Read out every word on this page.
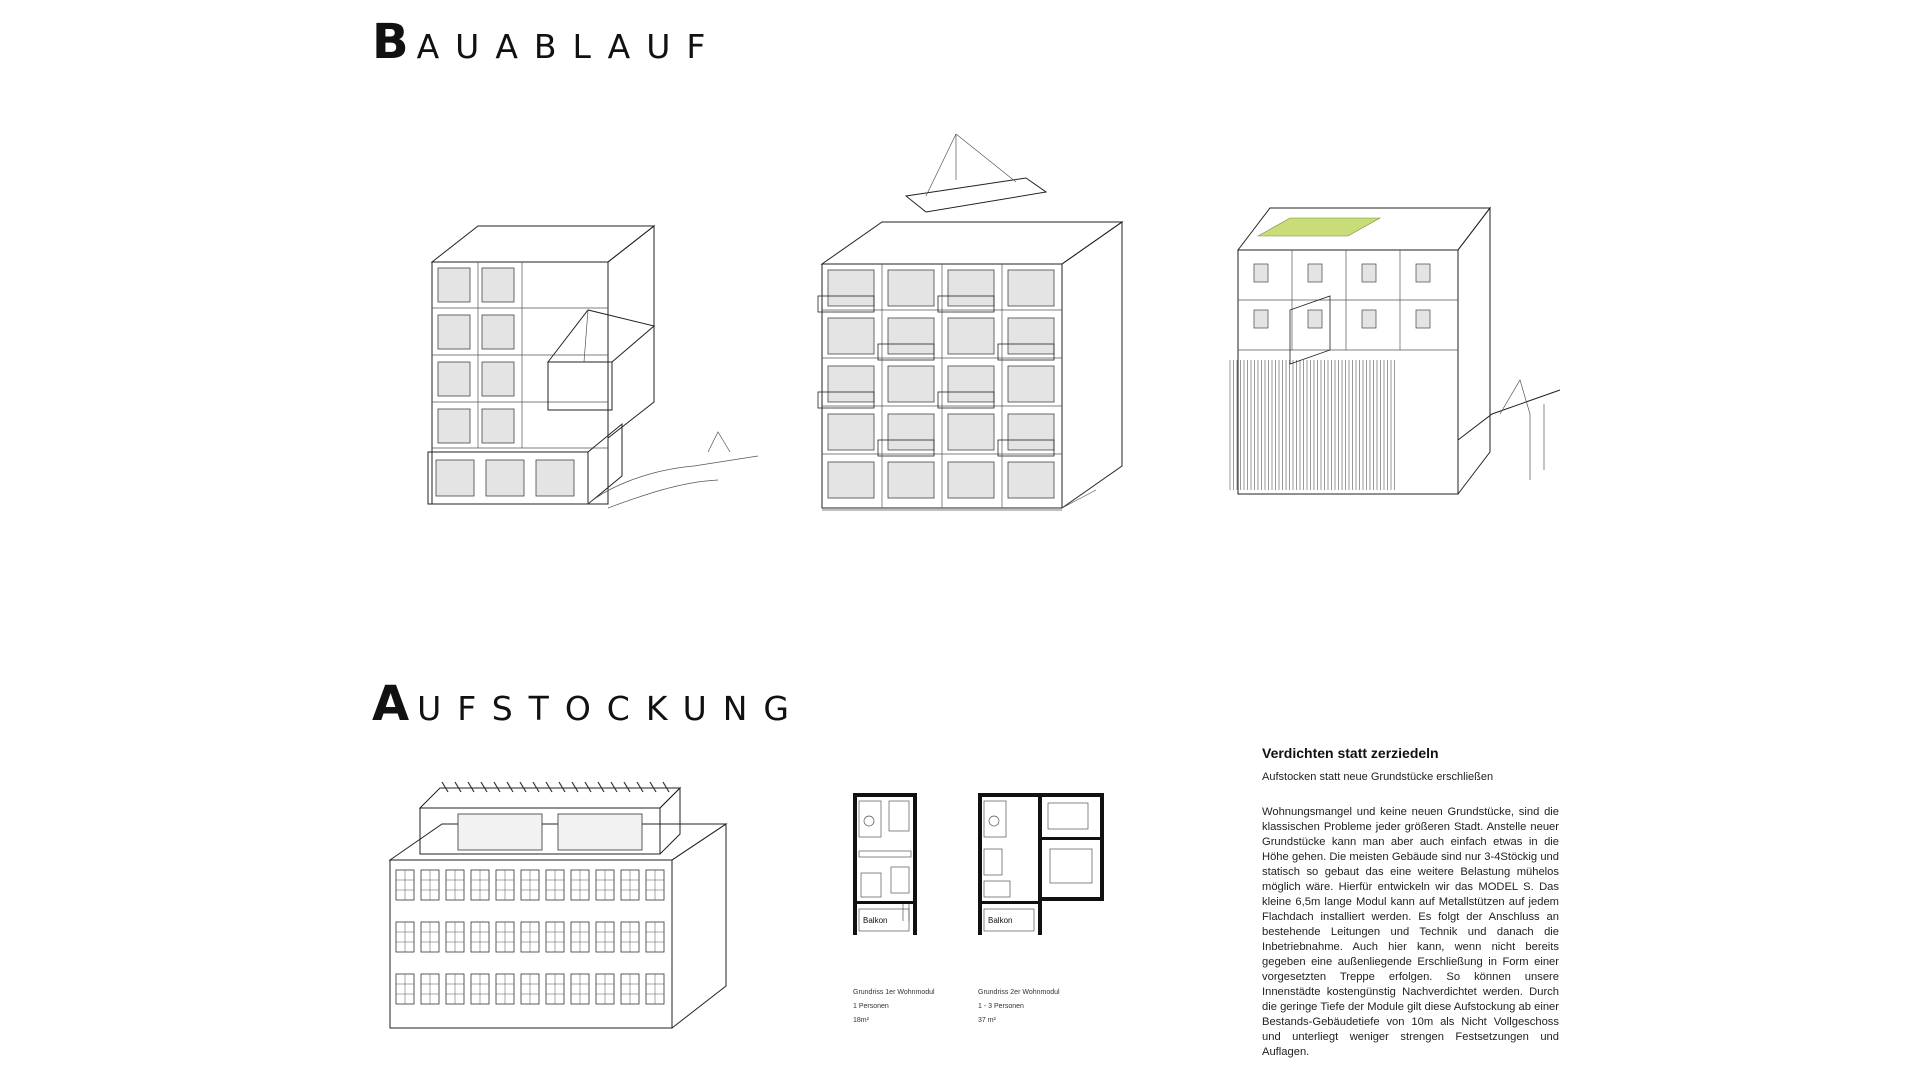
BAUABLAUF
AUFSTOCKUNG
Balkon	Balkon
Grundriss 1er Wohnmodul
1 Personen
18m²
Grundriss 2er Wohnmodul
1 - 3 Personen
37 m²
Verdichten statt zerziedeln

Aufstocken statt neue Grundstücke erschließen

Wohnungsmangel und keine neuen Grundstücke, sind die klassischen Probleme jeder größeren Stadt. Anstelle neuer Grundstücke kann man aber auch einfach etwas in die Höhe gehen. Die meisten Gebäude sind nur 3-4Stöckig und statisch so gebaut das eine weitere Belastung mühelos möglich wäre. Hierfür entwickeln wir das MODEL S. Das kleine 6,5m lange Modul kann auf Metallstützen auf jedem Flachdach installiert werden. Es folgt der Anschluss an bestehende Leitungen und Technik und danach die Inbetriebnahme. Auch hier kann, wenn nicht bereits gegeben eine außenliegende Erschließung in Form einer vorgesetzten Treppe erfolgen. So können unsere Innenstädte kostengünstig Nachverdichtet werden. Durch die geringe Tiefe der Module gilt diese Aufstockung ab einer Bestands-Gebäudetiefe von 10m als Nicht Vollgeschoss und unterliegt weniger strengen Festsetzungen und Auflagen.
